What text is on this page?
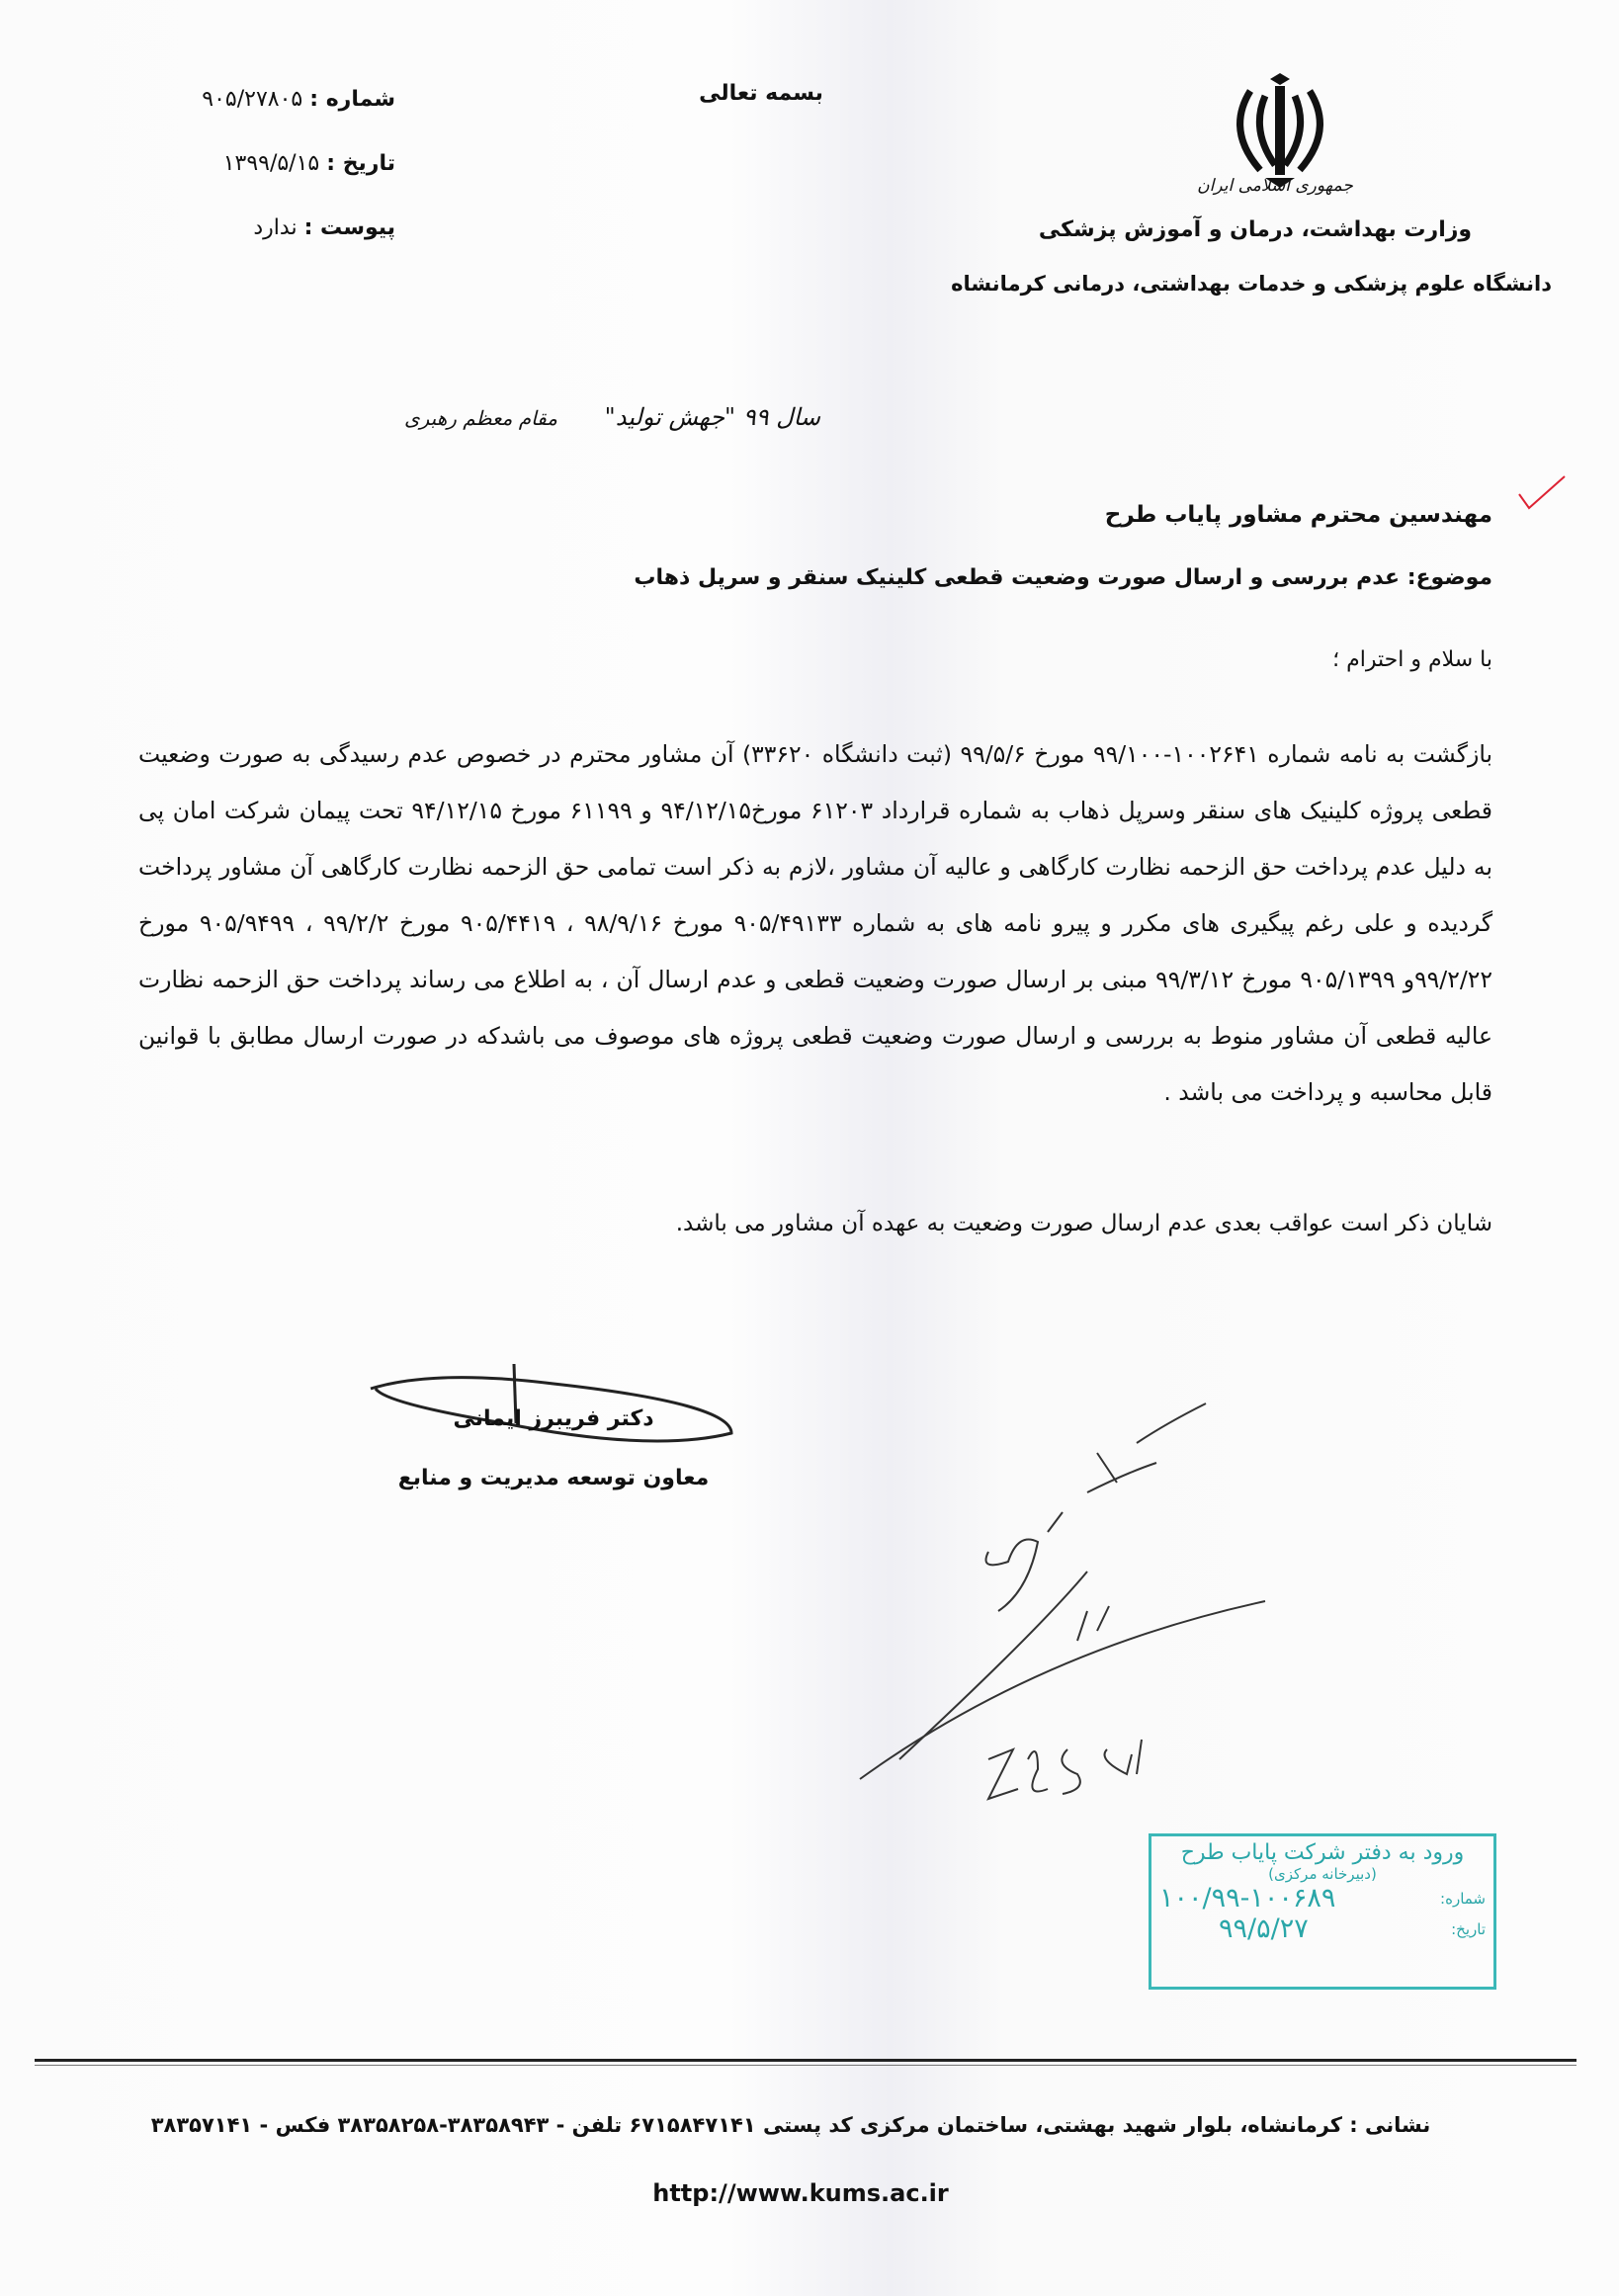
جمهوری اسلامی ایران
وزارت بهداشت، درمان و آموزش پزشکی
دانشگاه علوم پزشکی و خدمات بهداشتی، درمانی کرمانشاه
بسمه تعالی
شماره : ۹۰۵/۲۷۸۰۵
تاریخ : ۱۳۹۹/۵/۱۵
پیوست : ندارد
سال ۹۹ "جهش تولید" مقام معظم رهبری
مهندسین محترم مشاور پایاب طرح
موضوع: عدم بررسی و ارسال صورت وضعیت قطعی کلینیک سنقر و سرپل ذهاب
با سلام و احترام ؛
بازگشت به نامه شماره ۱۰۰۲۶۴۱-۹۹/۱۰۰ مورخ ۹۹/۵/۶ (ثبت دانشگاه ۳۳۶۲۰) آن مشاور محترم در خصوص عدم رسیدگی به صورت وضعیت قطعی پروژه کلینیک های سنقر وسرپل ذهاب به شماره قرارداد ۶۱۲۰۳ مورخ۹۴/۱۲/۱۵ و ۶۱۱۹۹ مورخ ۹۴/۱۲/۱۵ تحت پیمان شرکت امان پی به دلیل عدم پرداخت حق الزحمه نظارت کارگاهی و عالیه آن مشاور ،لازم به ذکر است تمامی حق الزحمه نظارت کارگاهی آن مشاور پرداخت گردیده و علی رغم پیگیری های مکرر و پیرو نامه های به شماره ۹۰۵/۴۹۱۳۳ مورخ ۹۸/۹/۱۶ ، ۹۰۵/۴۴۱۹ مورخ ۹۹/۲/۲ ، ۹۰۵/۹۴۹۹ مورخ ۹۹/۲/۲۲و ۹۰۵/۱۳۹۹ مورخ ۹۹/۳/۱۲ مبنی بر ارسال صورت وضعیت قطعی و عدم ارسال آن ، به اطلاع می رساند پرداخت حق الزحمه نظارت عالیه قطعی آن مشاور منوط به بررسی و ارسال صورت وضعیت قطعی پروژه های موصوف می باشدکه در صورت ارسال مطابق با قوانین قابل محاسبه و پرداخت می باشد .
شایان ذکر است عواقب بعدی عدم ارسال صورت وضعیت به عهده آن مشاور می باشد.
دکتر فریبرز ایمانی
معاون توسعه مدیریت و منابع
ورود به دفتر شرکت پایاب طرح
(دبیرخانه مرکزی)
شماره:
۱۰۰/۹۹-۱۰۰۶۸۹
تاریخ:
۹۹/۵/۲۷
نشانی : کرمانشاه، بلوار شهید بهشتی، ساختمان مرکزی کد پستی ۶۷۱۵۸۴۷۱۴۱ تلفن - ۳۸۳۵۸۹۴۳-۳۸۳۵۸۲۵۸ فکس - ۳۸۳۵۷۱۴۱
http://www.kums.ac.ir
